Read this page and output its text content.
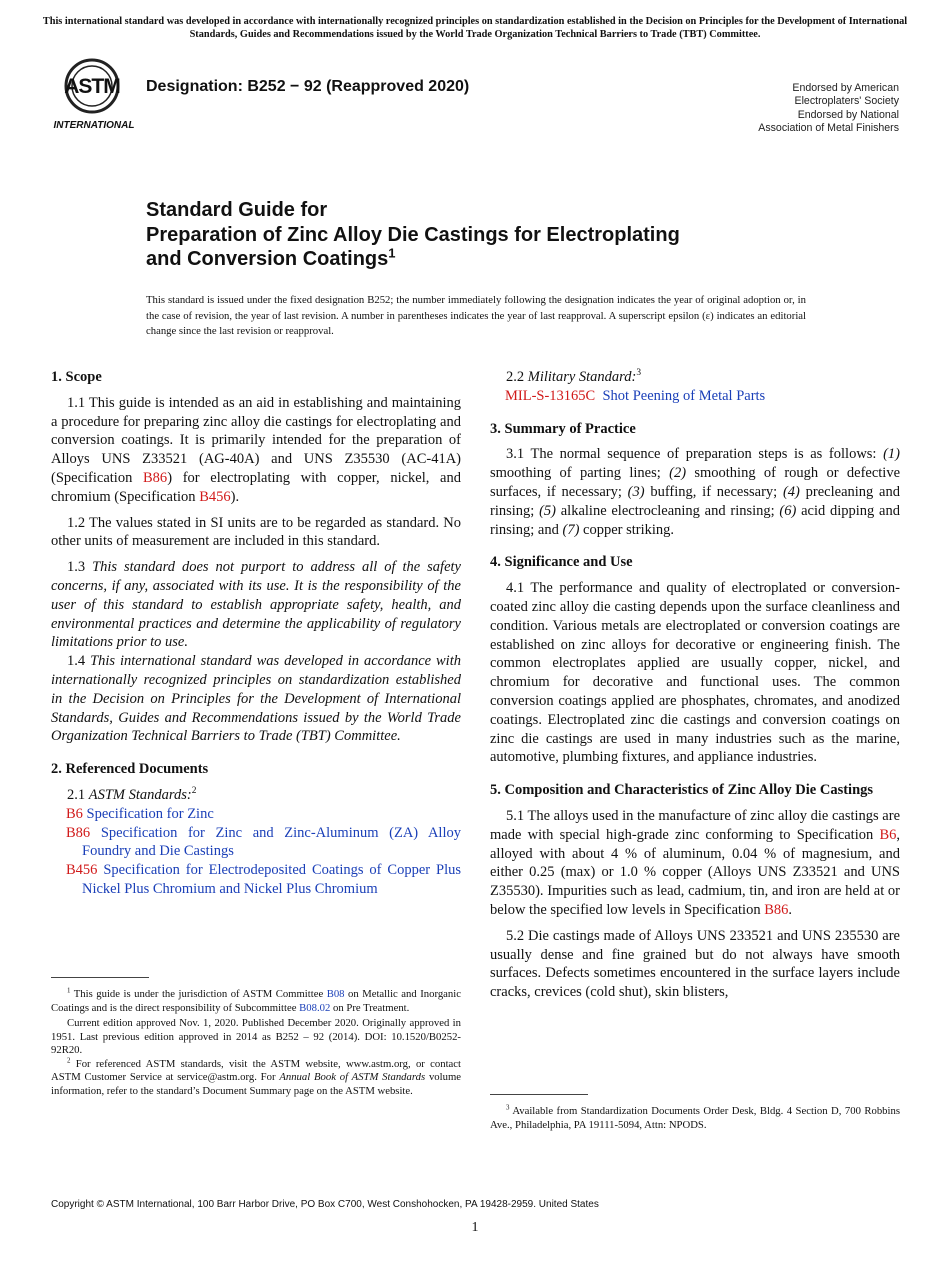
This international standard was developed in accordance with internationally recognized principles on standardization established in the Decision on Principles for the Development of International Standards, Guides and Recommendations issued by the World Trade Organization Technical Barriers to Trade (TBT) Committee.
ASTM
INTERNATIONAL
Designation: B252 − 92 (Reapproved 2020)	Endorsed by American
Electroplaters' Society
Endorsed by National
Association of Metal Finishers
Standard Guide for
Preparation of Zinc Alloy Die Castings for Electroplating
and Conversion Coatings$^1$
This standard is issued under the fixed designation B252; the number immediately following the designation indicates the year of original adoption or, in the case of revision, the year of last revision. A number in parentheses indicates the year of last reapproval. A superscript epsilon (ε) indicates an editorial change since the last revision or reapproval.

1. Scope

1.1 This guide is intended as an aid in establishing and maintaining a procedure for preparing zinc alloy die castings for electroplating and conversion coatings. It is primarily intended for the preparation of Alloys UNS Z33521 (AG-40A) and UNS Z35530 (AC-41A) (Specification B86) for electroplating with copper, nickel, and chromium (Specification B456).

1.2 The values stated in SI units are to be regarded as standard. No other units of measurement are included in this standard.

1.3 This standard does not purport to address all of the safety concerns, if any, associated with its use. It is the responsibility of the user of this standard to establish appropriate safety, health, and environmental practices and determine the applicability of regulatory limitations prior to use.

1.4 This international standard was developed in accordance with internationally recognized principles on standardization established in the Decision on Principles for the Development of International Standards, Guides and Recommendations issued by the World Trade Organization Technical Barriers to Trade (TBT) Committee.

2. Referenced Documents

2.1 ASTM Standards:$^2$

B6 Specification for Zinc

B86 Specification for Zinc and Zinc-Aluminum (ZA) Alloy Foundry and Die Castings

B456 Specification for Electrodeposited Coatings of Copper Plus Nickel Plus Chromium and Nickel Plus Chromium

$^1$ This guide is under the jurisdiction of ASTM Committee B08 on Metallic and Inorganic Coatings and is the direct responsibility of Subcommittee B08.02 on Pre Treatment.

Current edition approved Nov. 1, 2020. Published December 2020. Originally approved in 1951. Last previous edition approved in 2014 as B252 – 92 (2014). DOI: 10.1520/B0252-92R20.

$^2$ For referenced ASTM standards, visit the ASTM website, www.astm.org, or contact ASTM Customer Service at service@astm.org. For Annual Book of ASTM Standards volume information, refer to the standard’s Document Summary page on the ASTM website.

2.2 Military Standard:$^3$

MIL-S-13165C Shot Peening of Metal Parts

3. Summary of Practice

3.1 The normal sequence of preparation steps is as follows: (1) smoothing of parting lines; (2) smoothing of rough or defective surfaces, if necessary; (3) buffing, if necessary; (4) precleaning and rinsing; (5) alkaline electrocleaning and rinsing; (6) acid dipping and rinsing; and (7) copper striking.

4. Significance and Use

4.1 The performance and quality of electroplated or conversion-coated zinc alloy die casting depends upon the surface cleanliness and condition. Various metals are electroplated or conversion coatings are established on zinc alloys for decorative or engineering finish. The common electroplates applied are usually copper, nickel, and chromium for decorative and functional uses. The common conversion coatings applied are phosphates, chromates, and anodized coatings. Electroplated zinc die castings and conversion coatings on zinc die castings are used in many industries such as the marine, automotive, plumbing fixtures, and appliance industries.

5. Composition and Characteristics of Zinc Alloy Die Castings

5.1 The alloys used in the manufacture of zinc alloy die castings are made with special high-grade zinc conforming to Specification B6, alloyed with about 4 % of aluminum, 0.04 % of magnesium, and either 0.25 (max) or 1.0 % copper (Alloys UNS Z33521 and UNS Z35530). Impurities such as lead, cadmium, tin, and iron are held at or below the specified low levels in Specification B86.

5.2 Die castings made of Alloys UNS 233521 and UNS 235530 are usually dense and fine grained but do not always have smooth surfaces. Defects sometimes encountered in the surface layers include cracks, crevices (cold shut), skin blisters,

$^3$ Available from Standardization Documents Order Desk, Bldg. 4 Section D, 700 Robbins Ave., Philadelphia, PA 19111-5094, Attn: NPODS.

Copyright © ASTM International, 100 Barr Harbor Drive, PO Box C700, West Conshohocken, PA 19428-2959. United States
1
